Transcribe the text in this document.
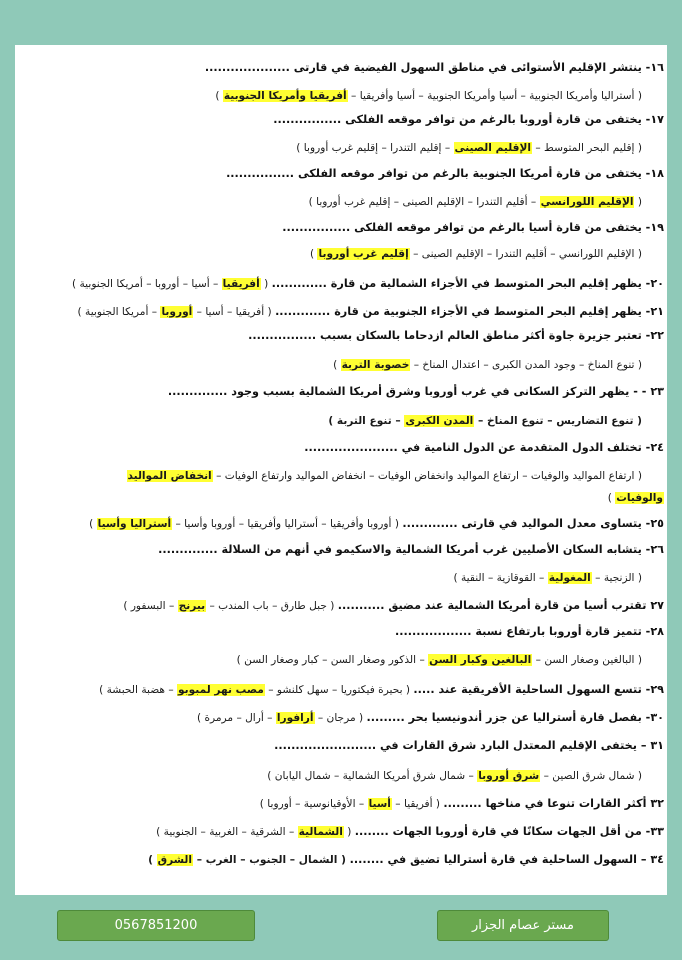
١٦- ينتشر الإقليم الأستوائى في مناطق السهول الفيضية في قارتى ....................
( أستراليا وأمريكا الجنوبية – أسيا وأمريكا الجنوبية – أسيا وأفريقيا – أفريقيا وأمريكا الجنوبية )
١٧- يختفى من قارة أوروبا بالرغم من توافر موقعه الفلكى ................
( إقليم البحر المتوسط – الإقليم الصينى – إقليم التندرا – إقليم غرب أوروبا )
١٨- يختفى من قارة أمريكا الجنوبية بالرغم من توافر موقعه الفلكى ................
( الإقليم اللورانسي – أقليم التندرا – الإقليم الصينى – إقليم غرب أوروبا )
١٩- يختفى من قارة أسيا بالرغم من توافر موقعه الفلكى ................
( الإقليم اللورانسي – أقليم التندرا – الإقليم الصينى – إقليم غرب أوروبا )
٢٠- يظهر إقليم البحر المتوسط في الأجزاء الشمالية من قارة ............. ( أفريقيا – أسيا – أوروبا – أمريكا الجنوبية )
٢١- يظهر إقليم البحر المتوسط في الأجزاء الجنوبية من قارة ............. ( أفريقيا – أسيا – أوروبا – أمريكا الجنوبية )
٢٢- تعتبر جزيرة جاوة أكثر مناطق العالم ازدحاما بالسكان بسبب ................
( تنوع المناخ – وجود المدن الكبرى – اعتدال المناخ – خصوبة التربة )
٢٣ - - يظهر التركز السكانى في غرب أوروبا وشرق أمريكا الشمالية بسبب وجود ..............
( تنوع التضاريس – تنوع المناخ – المدن الكبرى – تنوع التربة )
٢٤- تختلف الدول المتقدمة عن الدول النامية في ......................
( ارتفاع المواليد والوفيات – ارتفاع المواليد وانخفاض الوفيات – انخفاض المواليد وارتفاع الوفيات – انخفاض المواليد
والوفيات )
٢٥- يتساوى معدل المواليد في قارتى ............. ( أوروبا وأفريقيا – أستراليا وأفريقيا – أوروبا وأسيا – أستراليا وأسيا )
٢٦- يتشابه السكان الأصليين غرب أمريكا الشمالية والاسكيمو في أنهم من السلالة ..............
( الزنجية – المغولية – القوقازية – النقية )
٢٧ تقترب أسيا من قارة أمريكا الشمالية عند مضيق ........... ( جبل طارق – باب المندب – بيرنج – البسفور )
٢٨- تتميز قارة أوروبا بارتفاع نسبة ..................
( البالغين وصغار السن – البالغين وكبار السن – الذكور وصغار السن – كبار وصغار السن )
٢٩- تتسع السهول الساحلية الأفريقية عند ..... ( بحيرة فيكتوريا – سهل كلنشو – مصب نهر لمبوبو – هضبة الحبشة )
٣٠- بفصل قارة أستراليا عن جزر أندونيسيا بحر ......... ( مرجان – أرافورا – أرال – مرمرة )
٣١ – يختفى الإقليم المعتدل البارد شرق القارات في ........................
( شمال شرق الصين – شرق أوروبا – شمال شرق أمريكا الشمالية – شمال اليابان )
٣٢ أكثر القارات تنوعا في مناخها ......... ( أفريقيا – أسيا – الأوقيانوسية – أوروبا )
٣٣- من أقل الجهات سكانًا في قارة أوروبا الجهات ........ ( الشمالية – الشرقية – الغربية – الجنوبية )
٣٤ – السهول الساحلية في قارة أستراليا تضيق في ........ ( الشمال – الجنوب – الغرب – الشرق )
مستر عصام الجزار
0567851200
